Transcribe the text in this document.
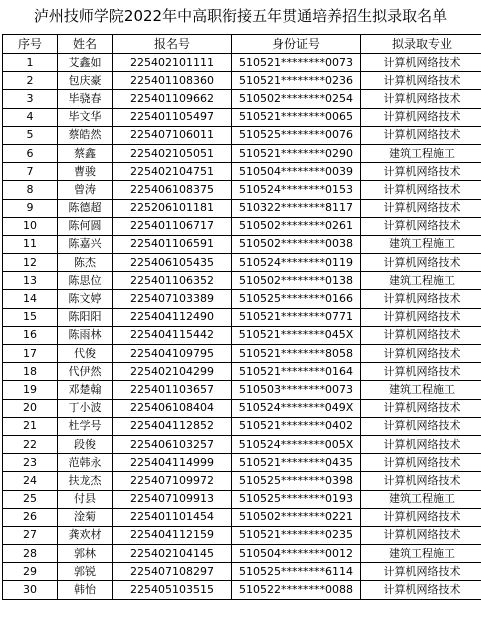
泸州技师学院2022年中高职衔接五年贯通培养招生拟录取名单
序号	姓名	报名号	身份证号	拟录取专业
1	艾鑫如	225402101111	510521********0073	计算机网络技术
2	包庆豪	225401108360	510521********0236	计算机网络技术
3	毕骁春	225401109662	510502********0254	计算机网络技术
4	毕文华	225401105497	510521********0065	计算机网络技术
5	蔡皓然	225407106011	510525********0076	计算机网络技术
6	蔡鑫	225402105051	510521********0290	建筑工程施工
7	曹骏	225402104751	510504********0039	计算机网络技术
8	曾涛	225406108375	510524********0153	计算机网络技术
9	陈德超	225206101181	510322********8117	计算机网络技术
10	陈何圆	225401106717	510502********0261	计算机网络技术
11	陈嘉兴	225401106591	510502********0038	建筑工程施工
12	陈杰	225406105435	510524********0119	计算机网络技术
13	陈思位	225401106352	510502********0138	建筑工程施工
14	陈文婷	225407103389	510525********0166	计算机网络技术
15	陈阳阳	225404112490	510521********0771	计算机网络技术
16	陈雨林	225404115442	510521********045X	计算机网络技术
17	代俊	225404109795	510521********8058	计算机网络技术
18	代伊然	225402104299	510521********0164	计算机网络技术
19	邓楚翰	225401103657	510503********0073	建筑工程施工
20	丁小波	225406108404	510524********049X	计算机网络技术
21	杜学号	225404112852	510521********0402	计算机网络技术
22	段俊	225406103257	510524********005X	计算机网络技术
23	范韩永	225404114999	510521********0435	计算机网络技术
24	扶龙杰	225407109972	510525********0398	计算机网络技术
25	付县	225407109913	510525********0193	建筑工程施工
26	淦菊	225401101454	510502********0221	计算机网络技术
27	龚欢材	225404112159	510521********0235	计算机网络技术
28	郭林	225402104145	510504********0012	建筑工程施工
29	郭锐	225407108297	510525********6114	计算机网络技术
30	韩怡	225405103515	510522********0088	计算机网络技术
